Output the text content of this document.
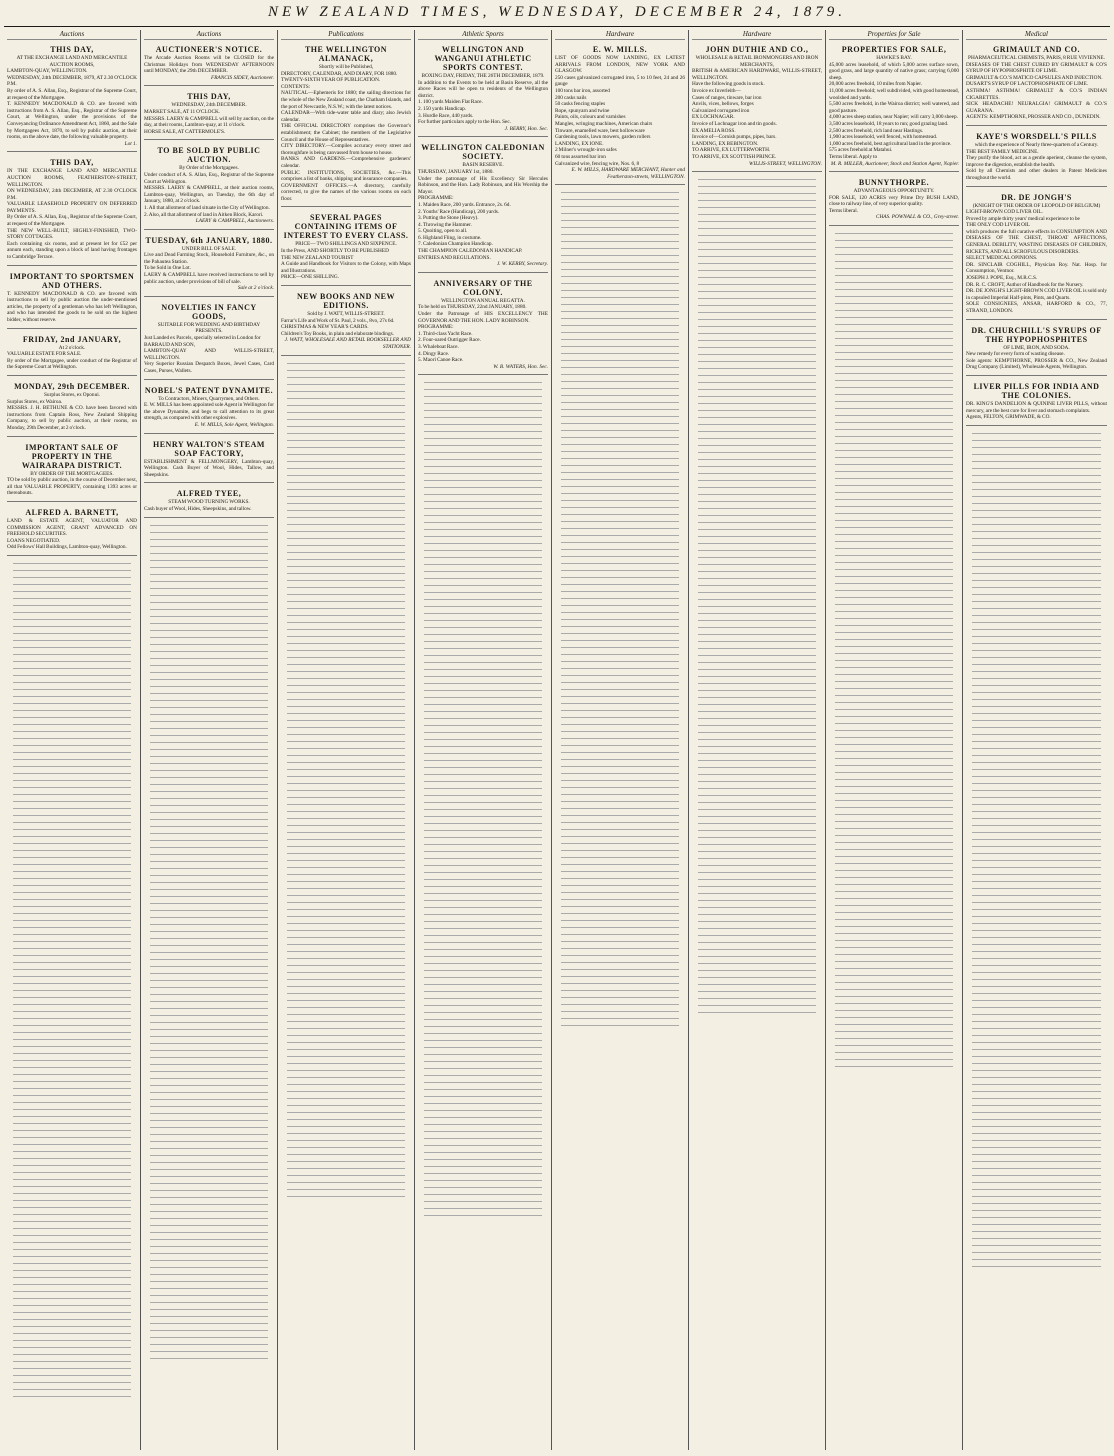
NEW ZEALAND TIMES, WEDNESDAY, DECEMBER 24, 1879.
Auctions
THIS DAY,

AT THE EXCHANGE LAND AND MERCANTILE AUCTION ROOMS,

LAMBTON-QUAY, WELLINGTON.

WEDNESDAY, 24th DECEMBER, 1879, AT 2.30 O'CLOCK P.M.

By order of A. S. Allan, Esq., Registrar of the Supreme Court, at request of the Mortgagee.

T. KENNEDY MACDONALD & CO. are favored with instructions from A. S. Allan, Esq., Registrar of the Supreme Court, at Wellington, under the provisions of the Conveyancing Ordinance Amendment Act, 1860, and the Sale by Mortgagees Act, 1870, to sell by public auction, at their rooms, on the above date, the following valuable property.

Lot 1.

THIS DAY,

IN THE EXCHANGE LAND AND MERCANTILE AUCTION ROOMS, FEATHERSTON-STREET, WELLINGTON.

ON WEDNESDAY, 24th DECEMBER, AT 2.30 O'CLOCK P.M.

VALUABLE LEASEHOLD PROPERTY ON DEFERRED PAYMENTS.

By Order of A. S. Allan, Esq., Registrar of the Supreme Court, at request of the Mortgagee.

THE NEW WELL-BUILT, HIGHLY-FINISHED, TWO-STORY COTTAGES.

Each containing six rooms, and at present let for £52 per annum each, standing upon a block of land having frontages to Cambridge Terrace.

IMPORTANT TO SPORTSMEN AND OTHERS.

T. KENNEDY MACDONALD & CO. are favored with instructions to sell by public auction the under-mentioned articles, the property of a gentleman who has left Wellington, and who has intended the goods to be sold on the highest bidder, without reserve.

FRIDAY, 2nd JANUARY,

At 2 o'clock.

VALUABLE ESTATE FOR SALE.

By order of the Mortgagee, under conduct of the Registrar of the Supreme Court at Wellington.

MONDAY, 29th DECEMBER.

Surplus Stores, ex Oponui.

Surplus Stores, ex Wairoa.

MESSRS. J. H. BETHUNE & CO. have been favored with instructions from Captain Ross, New Zealand Shipping Company, to sell by public auction, at their rooms, on Monday, 29th December, at 2 o'clock.

IMPORTANT SALE OF PROPERTY IN THE WAIRARAPA DISTRICT.

BY ORDER OF THE MORTGAGEES.

TO be sold by public auction, in the course of December next, all that VALUABLE PROPERTY, containing 1393 acres or thereabouts.

ALFRED A. BARNETT,

LAND & ESTATE AGENT, VALUATOR AND COMMISSION AGENT, GRANT ADVANCED ON FREEHOLD SECURITIES.

LOANS NEGOTIATED.

Odd Fellows' Hall Buildings, Lambton-quay, Wellington.

Auctions
AUCTIONEER'S NOTICE.

The Arcade Auction Rooms will be CLOSED for the Christmas Holidays from WEDNESDAY AFTERNOON until MONDAY, the 29th DECEMBER.

FRANCIS SIDEY, Auctioneer.

THIS DAY,

WEDNESDAY, 24th DECEMBER.

MARKET SALE, AT 11 O'CLOCK.

MESSRS. LAERY & CAMPBELL will sell by auction, on the day, at their rooms, Lambton-quay, at 11 o'clock.

HORSE SALE, AT CATTERMOLE'S.

TO BE SOLD BY PUBLIC AUCTION.

By Order of the Mortgagees.

Under conduct of A. S. Allan, Esq., Registrar of the Supreme Court at Wellington.

MESSRS. LAERY & CAMPBELL, at their auction rooms, Lambton-quay, Wellington, on Tuesday, the 6th day of January, 1880, at 2 o'clock.

1. All that allotment of land situate in the City of Wellington.

2. Also, all that allotment of land in Aitken Block, Karori.

LAERY & CAMPBELL, Auctioneers.

TUESDAY, 6th JANUARY, 1880.

UNDER BILL OF SALE.

Live and Dead Farming Stock, Household Furniture, &c., on the Pahautea Station.

To be Sold in One Lot.

LAERY & CAMPBELL have received instructions to sell by public auction, under provisions of bill of sale.

Sale at 2 o'clock.

NOVELTIES IN FANCY GOODS,

SUITABLE FOR WEDDING AND BIRTHDAY PRESENTS.

Just Landed ex Parcels, specially selected in London for

BARRAUD AND SON,

LAMBTON-QUAY AND WILLIS-STREET, WELLINGTON.

Very Superior Russian Despatch Boxes, Jewel Cases, Card Cases, Purses, Wallets.

NOBEL'S PATENT DYNAMITE.

To Contractors, Miners, Quarrymen, and Others.

E. W. MILLS has been appointed sole Agent in Wellington for the above Dynamite, and begs to call attention to its great strength, as compared with other explosives.

E. W. MILLS, Sole Agent, Wellington.

HENRY WALTON'S STEAM SOAP FACTORY,

ESTABLISHMENT & FELLMONGERY, Lambton-quay, Wellington. Cash Buyer of Wool, Hides, Tallow, and Sheepskins.

ALFRED TYEE,

STEAM WOOD TURNING WORKS.

Cash buyer of Wool, Hides, Sheepskins, and tallow.

Publications
THE WELLINGTON ALMANACK,

Shortly will be Published,

DIRECTORY, CALENDAR, AND DIARY, FOR 1880.

TWENTY-SIXTH YEAR OF PUBLICATION.

CONTENTS:

NAUTICAL—Ephemeris for 1880; the sailing directions for the whole of the New Zealand coast, the Chatham Islands, and the port of Newcastle, N.S.W.; with the latest notices.

CALENDAR—With tide-water table and diary; also Jewish calendar.

THE OFFICIAL DIRECTORY comprises the Governor's establishment; the Cabinet; the members of the Legislative Council and the House of Representatives.

CITY DIRECTORY.—Compiles accuracy every street and thoroughfare is being canvassed from house to house.

BANKS AND GARDENS.—Comprehensive gardeners' calendar.

PUBLIC INSTITUTIONS, SOCIETIES, &c.—This comprises a list of banks, shipping and insurance companies.

GOVERNMENT OFFICES.—A directory, carefully corrected, to give the names of the various rooms on each floor.

SEVERAL PAGES CONTAINING ITEMS OF INTEREST TO EVERY CLASS.

PRICE— TWO SHILLINGS AND SIXPENCE.

In the Press, AND SHORTLY TO BE PUBLISHED

THE NEW ZEALAND TOURIST

A Guide and Handbook for Visitors to the Colony, with Maps and Illustrations.

PRICE—ONE SHILLING.

NEW BOOKS AND NEW EDITIONS.

Sold by J. WATT, WILLIS-STREET.

Farrar's Life and Work of St. Paul, 2 vols., 8vo, 27s 6d.

CHRISTMAS & NEW YEAR'S CARDS.

Children's Toy Books, in plain and elaborate bindings.

J. WATT, WHOLESALE AND RETAIL BOOKSELLER AND STATIONER.

Athletic Sports
WELLINGTON AND WANGANUI ATHLETIC SPORTS CONTEST.

BOXING DAY, FRIDAY, THE 26TH DECEMBER, 1879.

In addition to the Events to be held at Basin Reserve, all the above Races will be open to residents of the Wellington district.

1. 100 yards Maiden Flat Race.

2. 150 yards Handicap.

3. Hurdle Race, 440 yards.

For further particulars apply to the Hon. Sec.

J. BERRY, Hon. Sec.

WELLINGTON CALEDONIAN SOCIETY.

BASIN RESERVE.

THURSDAY, JANUARY 1st, 1880.

Under the patronage of His Excellency Sir Hercules Robinson, and the Hon. Lady Robinson, and His Worship the Mayor.

PROGRAMME:

1. Maiden Race, 200 yards. Entrance, 2s. 6d.

2. Youths' Race (Handicap), 200 yards.

3. Putting the Stone (Heavy).

4. Throwing the Hammer.

5. Quoiting, open to all.

6. Highland Fling, in costume.

7. Caledonian Champion Handicap.

THE CHAMPION CALEDONIAN HANDICAP.

ENTRIES AND REGULATIONS.

J. W. KERBY, Secretary.

ANNIVERSARY OF THE COLONY.

WELLINGTON ANNUAL REGATTA.

To be held on THURSDAY, 22nd JANUARY, 1880.

Under the Patronage of HIS EXCELLENCY THE GOVERNOR AND THE HON. LADY ROBINSON.

PROGRAMME:

1. Third-class Yacht Race.

2. Four-oared Outrigger Race.

3. Whaleboat Race.

4. Dingy Race.

5. Maori Canoe Race.

W. B. WATERS, Hon. Sec.

Hardware
E. W. MILLS.

LIST OF GOODS NOW LANDING, EX LATEST ARRIVALS FROM LONDON, NEW YORK AND GLASGOW.

250 cases galvanized corrugated iron, 5 to 10 feet, 24 and 26 gauge

100 tons bar iron, assorted

200 casks nails

50 casks fencing staples

Rope, spunyarn and twine

Paints, oils, colours and varnishes

Mangles, wringing machines, American chairs

Tinware, enamelled ware, best hollowware

Gardening tools, lawn mowers, garden rollers

LANDING, EX IONE.

2 Milner's wrought-iron safes

60 tons assorted bar iron

Galvanized wire, fencing wire, Nos. 6, 8

E. W. MILLS, HARDWARE MERCHANT, Hunter and Featherston-streets, WELLINGTON.

Hardware
JOHN DUTHIE AND CO.,

WHOLESALE & RETAIL IRONMONGERS AND IRON MERCHANTS,

BRITISH & AMERICAN HARDWARE, WILLIS-STREET, WELLINGTON.

Have the following goods in stock.

Invoice ex Inverleith—

Cases of ranges, tinware, bar iron

Anvils, vices, bellows, forges

Galvanized corrugated iron

EX LOCHNAGAR.

Invoice of Lochnagar iron and tin goods.

EX AMELIA ROSS.

Invoice of—Cornish pumps, pipes, bars.

LANDING, EX BEBINGTON.

TO ARRIVE, EX LUTTERWORTH.

TO ARRIVE, EX SCOTTISH PRINCE.

WILLIS-STREET, WELLINGTON.

Properties for Sale
PROPERTIES FOR SALE,

HAWKE'S BAY.

45,000 acres leasehold, of which 5,000 acres surface sown, good grass, and large quantity of native grass; carrying 6,000 sheep.

20,000 acres freehold, 10 miles from Napier.

11,000 acres freehold; well subdivided, with good homestead, woolshed and yards.

5,500 acres freehold, in the Wairoa district; well watered, and good pasture.

4,000 acres sheep station, near Napier; will carry 3,000 sheep.

3,500 acres leasehold, 18 years to run; good grazing land.

2,500 acres freehold, rich land near Hastings.

1,900 acres leasehold, well fenced, with homestead.

1,000 acres freehold, best agricultural land in the province.

575 acres freehold at Matahui.

Terms liberal. Apply to

M. R. MILLER, Auctioneer, Stock and Station Agent, Napier.

BUNNYTHORPE.

ADVANTAGEOUS OPPORTUNITY.

FOR SALE, 120 ACRES very Prime Dry BUSH LAND, close to railway line, of very superior quality.

Terms liberal.

CHAS. POWNALL & CO., Grey-street.

Medical
GRIMAULT AND CO.

PHARMACEUTICAL CHEMISTS, PARIS, 8 RUE VIVIENNE.

DISEASES OF THE CHEST CURED BY GRIMAULT & CO'S SYRUP OF HYPOPHOSPHITE OF LIME.

GRIMAULT & CO.'S MATICO CAPSULES AND INJECTION.

DUSART'S SYRUP OF LACTOPHOSPHATE OF LIME.

ASTHMA! ASTHMA! GRIMAULT & CO.'S INDIAN CIGARETTES.

SICK HEADACHE! NEURALGIA! GRIMAULT & CO.'S GUARANA.

AGENTS: KEMPTHORNE, PROSSER AND CO., DUNEDIN.

KAYE'S WORSDELL'S PILLS

which the experience of Nearly three-quarters of a Century.

THE BEST FAMILY MEDICINE.

They purify the blood, act as a gentle aperient, cleanse the system, improve the digestion, establish the health.

Sold by all Chemists and other dealers in Patent Medicines throughout the world.

DR. DE JONGH'S

(KNIGHT OF THE ORDER OF LEOPOLD OF BELGIUM)

LIGHT-BROWN COD LIVER OIL.

Proved by ample thirty years' medical experience to be

THE ONLY COD LIVER OIL

which produces the full curative effects in CONSUMPTION AND DISEASES OF THE CHEST, THROAT AFFECTIONS, GENERAL DEBILITY, WASTING DISEASES OF CHILDREN, RICKETS, AND ALL SCROFULOUS DISORDERS.

SELECT MEDICAL OPINIONS.

DR. SINCLAIR COGHILL, Physician Roy. Nat. Hosp. for Consumption, Ventnor.

JOSEPH J. POPE, Esq., M.R.C.S.

DR. R. C. CROFT, Author of Handbook for the Nursery.

DR. DE JONGH'S LIGHT-BROWN COD LIVER OIL is sold only in capsuled Imperial Half-pints, Pints, and Quarts.

SOLE CONSIGNEES, ANSAR, HARFORD & CO., 77, STRAND, LONDON.

DR. CHURCHILL'S SYRUPS OF THE HYPOPHOSPHITES

OF LIME, IRON, AND SODA.

New remedy for every form of wasting disease.

Sole agents: KEMPTHORNE, PROSSER & CO., New Zealand Drug Company (Limited), Wholesale Agents, Wellington.

LIVER PILLS FOR INDIA AND THE COLONIES.

DR. KING'S DANDELION & QUININE LIVER PILLS, without mercury, are the best cure for liver and stomach complaints.

Agents, FELTON, GRIMWADE, & CO.
